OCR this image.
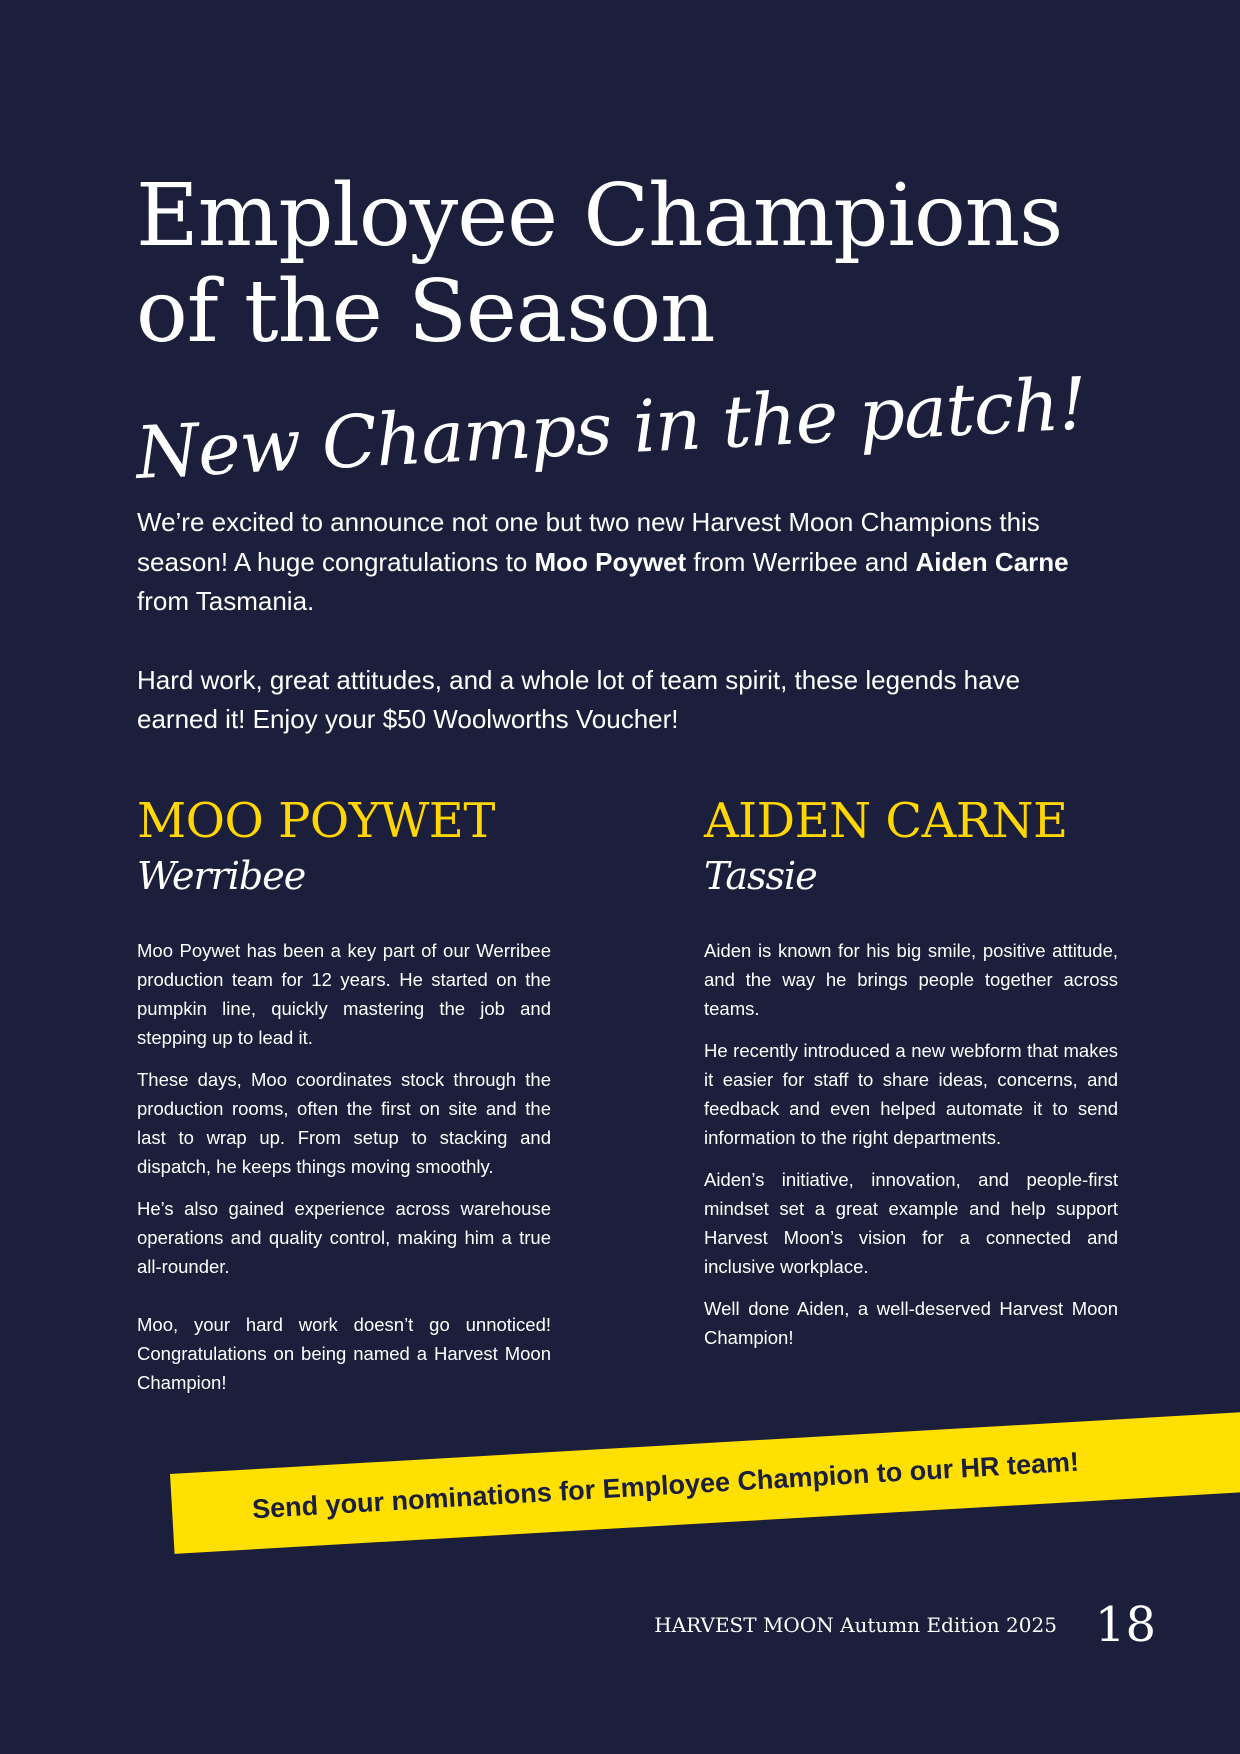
Employee Champions
of the Season
New Champs in the patch!

We’re excited to announce not one but two new Harvest Moon Champions this season! A huge congratulations to Moo Poywet from Werribee and Aiden Carne from Tasmania.

Hard work, great attitudes, and a whole lot of team spirit, these legends have earned it! Enjoy your $50 Woolworths Voucher!

MOO POYWET
Werribee

Moo Poywet has been a key part of our Werribee production team for 12 years. He started on the pumpkin line, quickly mastering the job and stepping up to lead it.

These days, Moo coordinates stock through the production rooms, often the first on site and the last to wrap up. From setup to stacking and dispatch, he keeps things moving smoothly.

He’s also gained experience across warehouse operations and quality control, making him a true all-rounder.

Moo, your hard work doesn’t go unnoticed! Congratulations on being named a Harvest Moon Champion!

AIDEN CARNE
Tassie

Aiden is known for his big smile, positive attitude, and the way he brings people together across teams.

He recently introduced a new webform that makes it easier for staff to share ideas, concerns, and feedback and even helped automate it to send information to the right departments.

Aiden’s initiative, innovation, and people-first mindset set a great example and help support Harvest Moon’s vision for a connected and inclusive workplace.

Well done Aiden, a well-deserved Harvest Moon Champion!

Send your nominations for Employee Champion to our HR team!
HARVEST MOON Autumn Edition 2025 18
